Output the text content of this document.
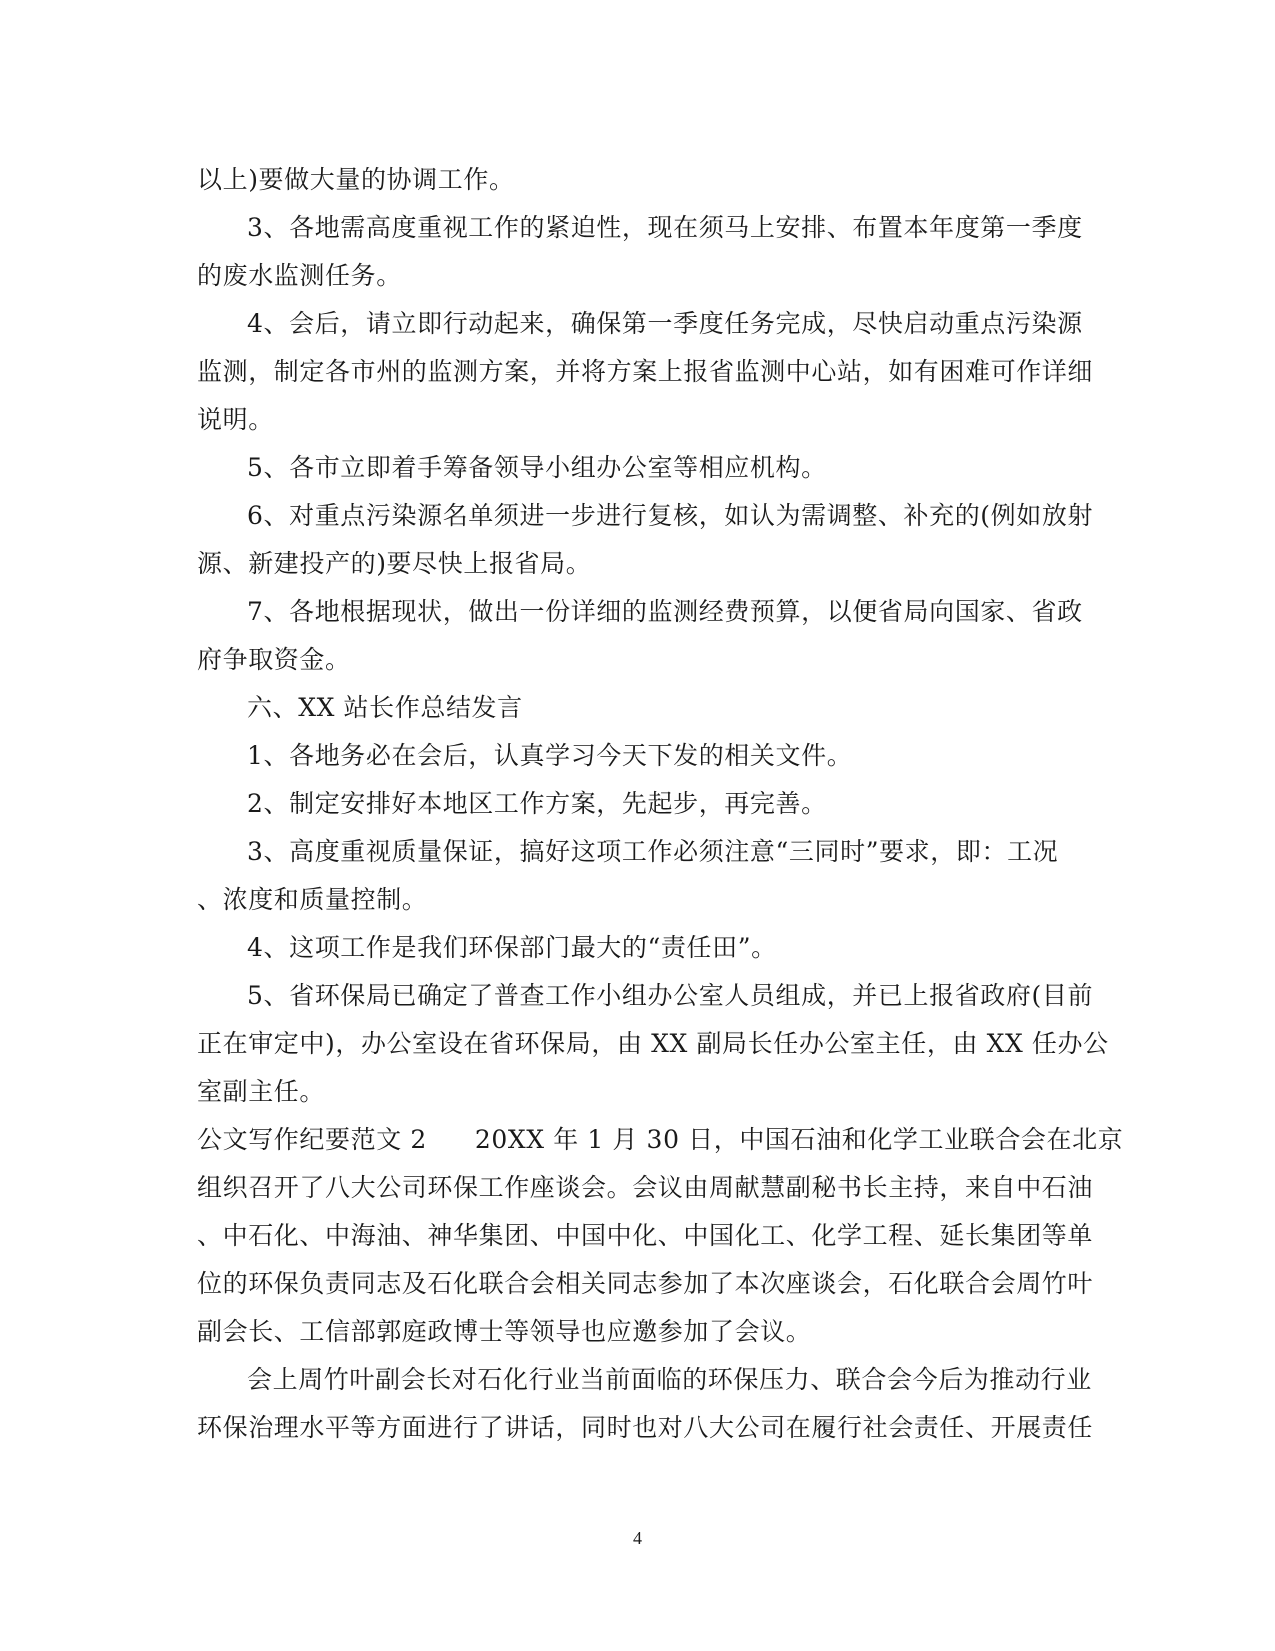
以上)要做大量的协调工作。
3、各地需高度重视工作的紧迫性，现在须马上安排、布置本年度第一季度
的废水监测任务。
4、会后，请立即行动起来，确保第一季度任务完成，尽快启动重点污染源
监测，制定各市州的监测方案，并将方案上报省监测中心站，如有困难可作详细
说明。
5、各市立即着手筹备领导小组办公室等相应机构。
6、对重点污染源名单须进一步进行复核，如认为需调整、补充的(例如放射
源、新建投产的)要尽快上报省局。
7、各地根据现状，做出一份详细的监测经费预算，以便省局向国家、省政
府争取资金。
六、XX 站长作总结发言
1、各地务必在会后，认真学习今天下发的相关文件。
2、制定安排好本地区工作方案，先起步，再完善。
3、高度重视质量保证，搞好这项工作必须注意“三同时”要求，即：工况
、浓度和质量控制。
4、这项工作是我们环保部门最大的“责任田”。
5、省环保局已确定了普查工作小组办公室人员组成，并已上报省政府(目前
正在审定中)，办公室设在省环保局，由 XX 副局长任办公室主任，由 XX 任办公
室副主任。
公文写作纪要范文 2 20XX 年 1 月 30 日，中国石油和化学工业联合会在北京
组织召开了八大公司环保工作座谈会。会议由周献慧副秘书长主持，来自中石油
、中石化、中海油、神华集团、中国中化、中国化工、化学工程、延长集团等单
位的环保负责同志及石化联合会相关同志参加了本次座谈会，石化联合会周竹叶
副会长、工信部郭庭政博士等领导也应邀参加了会议。
会上周竹叶副会长对石化行业当前面临的环保压力、联合会今后为推动行业
环保治理水平等方面进行了讲话，同时也对八大公司在履行社会责任、开展责任
4
